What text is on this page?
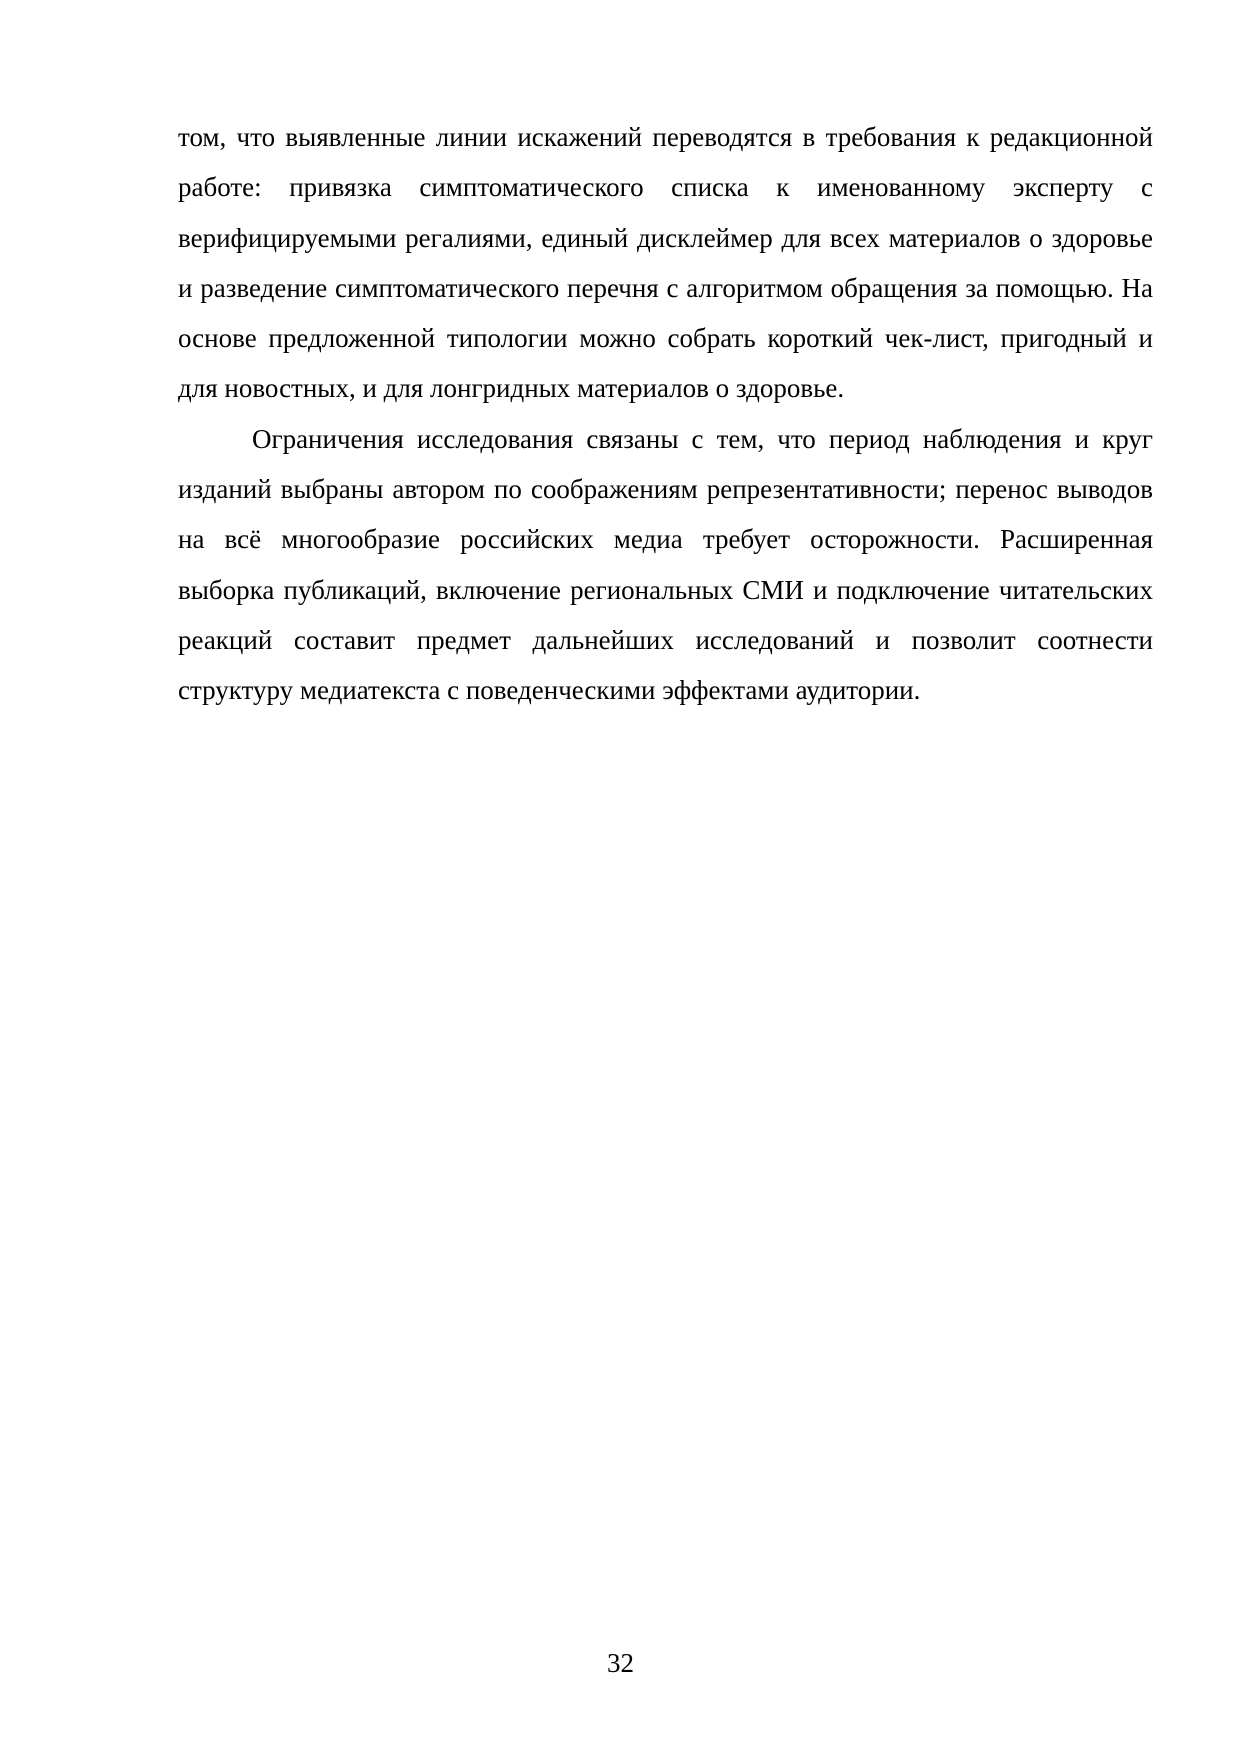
том, что выявленные линии искажений переводятся в требования к редакционной работе: привязка симптоматического списка к именованному эксперту с верифицируемыми регалиями, единый дисклеймер для всех материалов о здоровье и разведение симптоматического перечня с алгоритмом обращения за помощью. На основе предложенной типологии можно собрать короткий чек-лист, пригодный и для новостных, и для лонгридных материалов о здоровье.

Ограничения исследования связаны с тем, что период наблюдения и круг изданий выбраны автором по соображениям репрезентативности; перенос выводов на всё многообразие российских медиа требует осторожности. Расширенная выборка публикаций, включение региональных СМИ и подключение читательских реакций составит предмет дальнейших исследований и позволит соотнести структуру медиатекста с поведенческими эффектами аудитории.

32
